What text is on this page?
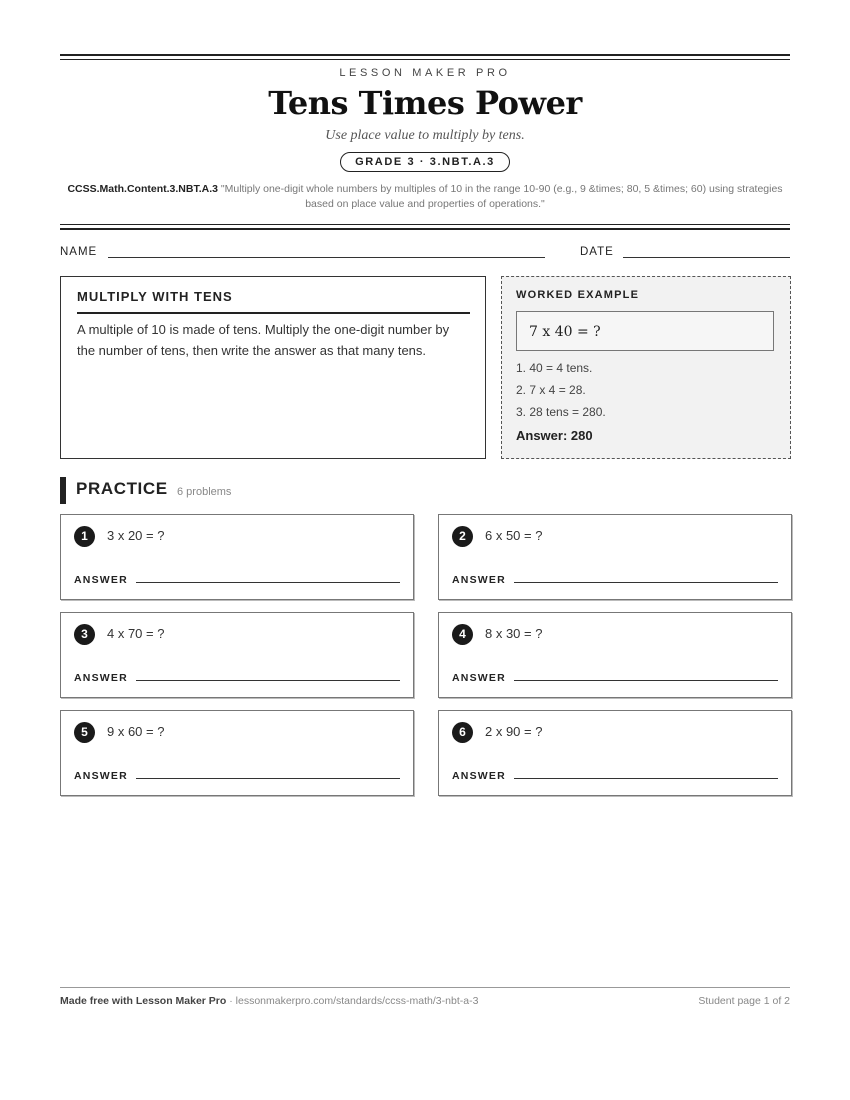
LESSON MAKER PRO
Tens Times Power
Use place value to multiply by tens.
GRADE 3 · 3.NBT.A.3
CCSS.Math.Content.3.NBT.A.3 "Multiply one-digit whole numbers by multiples of 10 in the range 10-90 (e.g., 9 &times; 80, 5 &times; 60) using strategies based on place value and properties of operations."
NAME	DATE
MULTIPLY WITH TENS

A multiple of 10 is made of tens. Multiply the one-digit number by the number of tens, then write the answer as that many tens.

WORKED EXAMPLE
7 x 40 = ?
1. 40 = 4 tens.
2. 7 x 4 = 28.
3. 28 tens = 280.
Answer: 280
PRACTICE 6 problems
1	3 x 20 = ?
ANSWER
2	6 x 50 = ?
ANSWER
3	4 x 70 = ?
ANSWER
4	8 x 30 = ?
ANSWER
5	9 x 60 = ?
ANSWER
6	2 x 90 = ?
ANSWER
Made free with Lesson Maker Pro · lessonmakerpro.com/standards/ccss-math/3-nbt-a-3	Student page 1 of 2
